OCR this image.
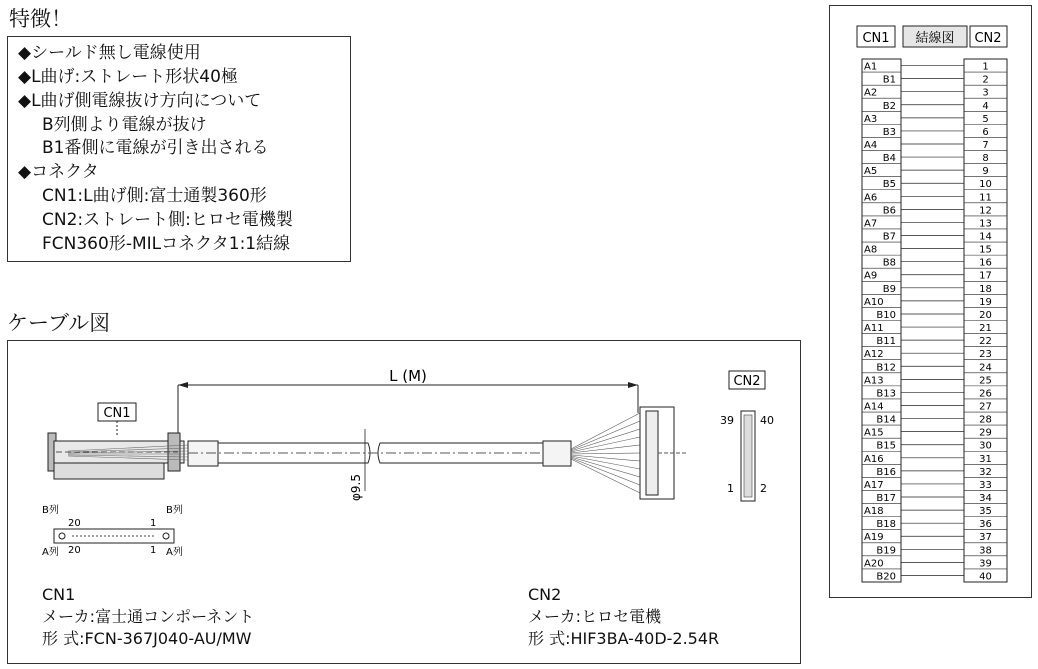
特徴！
◆シールド無し電線使用
◆L曲げ:ストレート形状40極
◆L曲げ側電線抜け方向について
B列側より電線が抜け
B1番側に電線が引き出される
◆コネクタ
CN1:L曲げ側:富士通製360形
CN2:ストレート側:ヒロセ電機製
FCN360形-MILコネクタ1:1結線
ケーブル図
L (M)
CN1
φ9.5
CN2
39 40
1 2
B列	B列
A列	A列
20	1
20	1
CN1
メーカ:富士通コンポーネント
形 式:FCN-367J040-AU/MW
CN2
メーカ:ヒロセ電機
形 式:HIF3BA-40D-2.54R
CN1 結線図 CN2
A1	1
B1	2
A2	3
B2	4
A3	5
B3	6
A4	7
B4	8
A5	9
B5	10
A6	11
B6	12
A7	13
B7	14
A8	15
B8	16
A9	17
B9	18
A10	19
B10	20
A11	21
B11	22
A12	23
B12	24
A13	25
B13	26
A14	27
B14	28
A15	29
B15	30
A16	31
B16	32
A17	33
B17	34
A18	35
B18	36
A19	37
B19	38
A20	39
B20	40
